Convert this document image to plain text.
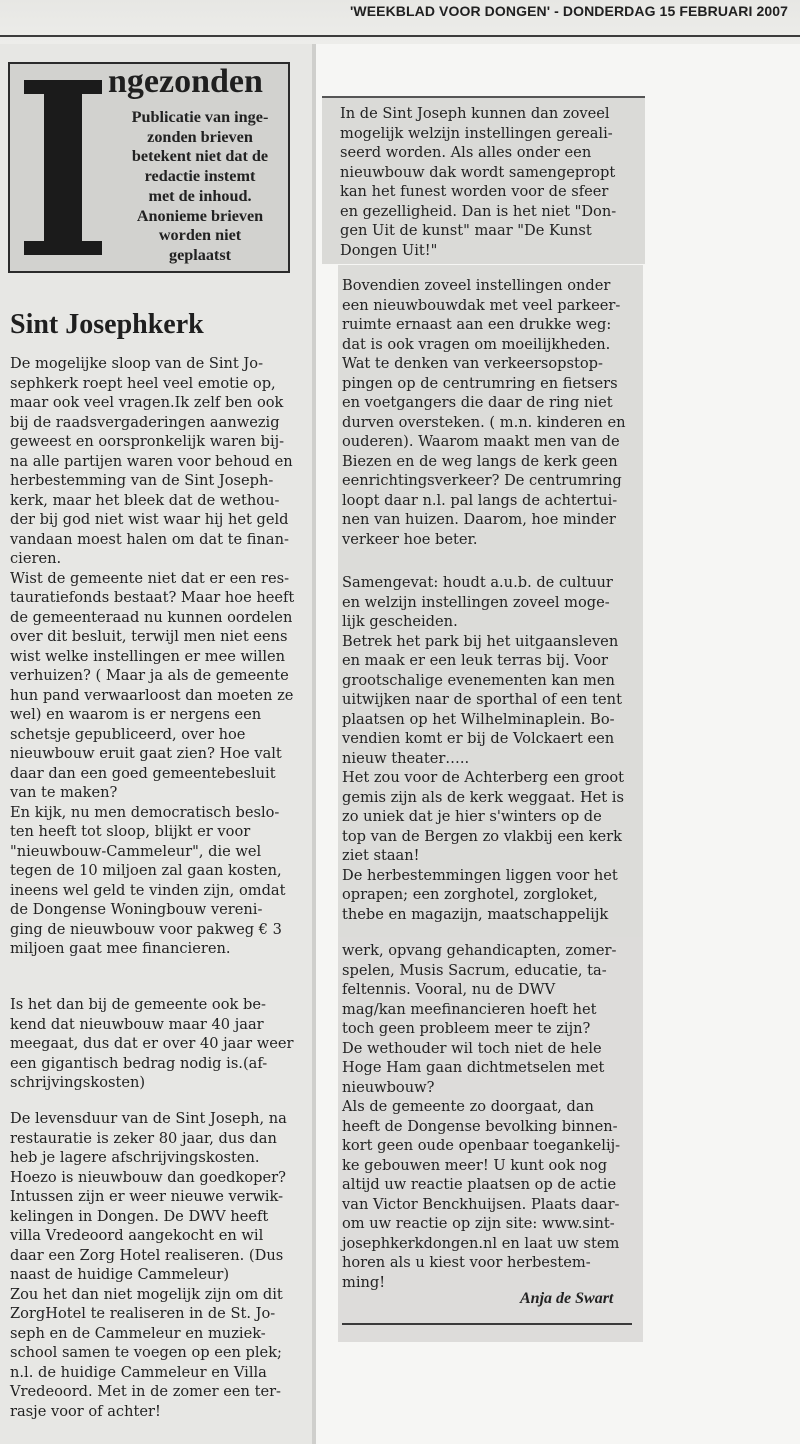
'WEEKBLAD VOOR DONGEN' - DONDERDAG 15 FEBRUARI 2007
ngezonden
Publicatie van inge-
zonden brieven
betekent niet dat de
redactie instemt
met de inhoud.
Anonieme brieven
worden niet
geplaatst
Sint Josephkerk
De mogelijke sloop van de Sint Jo-
sephkerk roept heel veel emotie op,
maar ook veel vragen.Ik zelf ben ook
bij de raadsvergaderingen aanwezig
geweest en oorspronkelijk waren bij-
na alle partijen waren voor behoud en
herbestemming van de Sint Joseph-
kerk, maar het bleek dat de wethou-
der bij god niet wist waar hij het geld
vandaan moest halen om dat te finan-
cieren.
Wist de gemeente niet dat er een res-
tauratiefonds bestaat? Maar hoe heeft
de gemeenteraad nu kunnen oordelen
over dit besluit, terwijl men niet eens
wist welke instellingen er mee willen
verhuizen? ( Maar ja als de gemeente
hun pand verwaarloost dan moeten ze
wel) en waarom is er nergens een
schetsje gepubliceerd, over hoe
nieuwbouw eruit gaat zien? Hoe valt
daar dan een goed gemeentebesluit
van te maken?
En kijk, nu men democratisch beslo-
ten heeft tot sloop, blijkt er voor
"nieuwbouw-Cammeleur", die wel
tegen de 10 miljoen zal gaan kosten,
ineens wel geld te vinden zijn, omdat
de Dongense Woningbouw vereni-
ging de nieuwbouw voor pakweg € 3
miljoen gaat mee financieren.
Is het dan bij de gemeente ook be-
kend dat nieuwbouw maar 40 jaar
meegaat, dus dat er over 40 jaar weer
een gigantisch bedrag nodig is.(af-
schrijvingskosten)
De levensduur van de Sint Joseph, na
restauratie is zeker 80 jaar, dus dan
heb je lagere afschrijvingskosten.
Hoezo is nieuwbouw dan goedkoper?
Intussen zijn er weer nieuwe verwik-
kelingen in Dongen. De DWV heeft
villa Vredeoord aangekocht en wil
daar een Zorg Hotel realiseren. (Dus
naast de huidige Cammeleur)
Zou het dan niet mogelijk zijn om dit
ZorgHotel te realiseren in de St. Jo-
seph en de Cammeleur en muziek-
school samen te voegen op een plek;
n.l. de huidige Cammeleur en Villa
Vredeoord. Met in de zomer een ter-
rasje voor of achter!
In de Sint Joseph kunnen dan zoveel
mogelijk welzijn instellingen gereali-
seerd worden. Als alles onder een
nieuwbouw dak wordt samengepropt
kan het funest worden voor de sfeer
en gezelligheid. Dan is het niet "Don-
gen Uit de kunst" maar "De Kunst
Dongen Uit!"
Bovendien zoveel instellingen onder
een nieuwbouwdak met veel parkeer-
ruimte ernaast aan een drukke weg:
dat is ook vragen om moeilijkheden.
Wat te denken van verkeersopstop-
pingen op de centrumring en fietsers
en voetgangers die daar de ring niet
durven oversteken. ( m.n. kinderen en
ouderen). Waarom maakt men van de
Biezen en de weg langs de kerk geen
eenrichtingsverkeer? De centrumring
loopt daar n.l. pal langs de achtertui-
nen van huizen. Daarom, hoe minder
verkeer hoe beter.
Samengevat: houdt a.u.b. de cultuur
en welzijn instellingen zoveel moge-
lijk gescheiden.
Betrek het park bij het uitgaansleven
en maak er een leuk terras bij. Voor
grootschalige evenementen kan men
uitwijken naar de sporthal of een tent
plaatsen op het Wilhelminaplein. Bo-
vendien komt er bij de Volckaert een
nieuw theater…..
Het zou voor de Achterberg een groot
gemis zijn als de kerk weggaat. Het is
zo uniek dat je hier s'winters op de
top van de Bergen zo vlakbij een kerk
ziet staan!
De herbestemmingen liggen voor het
oprapen; een zorghotel, zorgloket,
thebe en magazijn, maatschappelijk
werk, opvang gehandicapten, zomer-
spelen, Musis Sacrum, educatie, ta-
feltennis. Vooral, nu de DWV
mag/kan meefinancieren hoeft het
toch geen probleem meer te zijn?
De wethouder wil toch niet de hele
Hoge Ham gaan dichtmetselen met
nieuwbouw?
Als de gemeente zo doorgaat, dan
heeft de Dongense bevolking binnen-
kort geen oude openbaar toegankelij-
ke gebouwen meer! U kunt ook nog
altijd uw reactie plaatsen op de actie
van Victor Benckhuijsen. Plaats daar-
om uw reactie op zijn site: www.sint-
josephkerkdongen.nl en laat uw stem
horen als u kiest voor herbestem-
ming!
Anja de Swart
